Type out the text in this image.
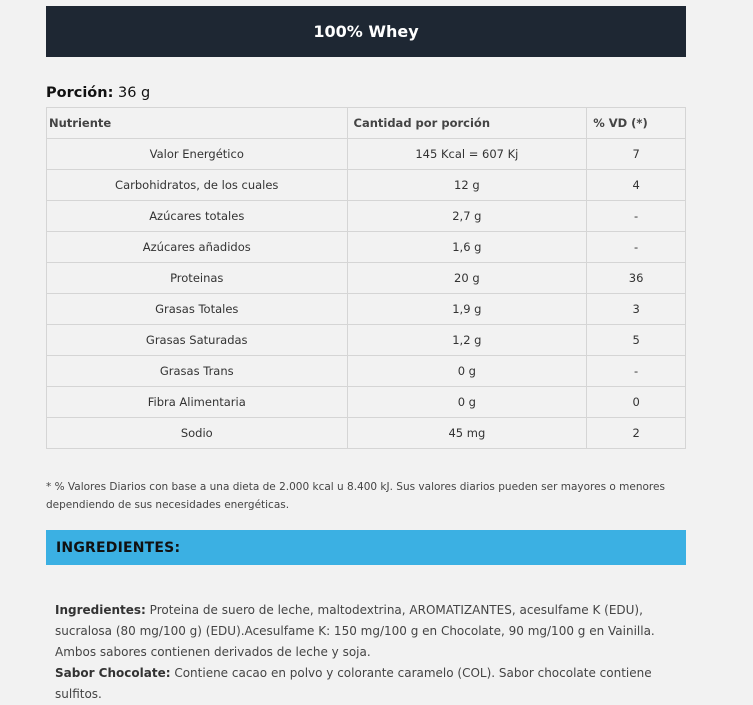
100% Whey
Porción: 36 g
Nutriente	Cantidad por porción	% VD (*)
Valor Energético	145 Kcal = 607 Kj	7
Carbohidratos, de los cuales	12 g	4
Azúcares totales	2,7 g	-
Azúcares añadidos	1,6 g	-
Proteinas	20 g	36
Grasas Totales	1,9 g	3
Grasas Saturadas	1,2 g	5
Grasas Trans	0 g	-
Fibra Alimentaria	0 g	0
Sodio	45 mg	2
* % Valores Diarios con base a una dieta de 2.000 kcal u 8.400 kJ. Sus valores diarios pueden ser mayores o menores dependiendo de sus necesidades energéticas.
INGREDIENTES:
Ingredientes: Proteina de suero de leche, maltodextrina, AROMATIZANTES, acesulfame K (EDU), sucralosa (80 mg/100 g) (EDU).Acesulfame K: 150 mg/100 g en Chocolate, 90 mg/100 g en Vainilla. Ambos sabores contienen derivados de leche y soja.
Sabor Chocolate: Contiene cacao en polvo y colorante caramelo (COL). Sabor chocolate contiene sulfitos.
